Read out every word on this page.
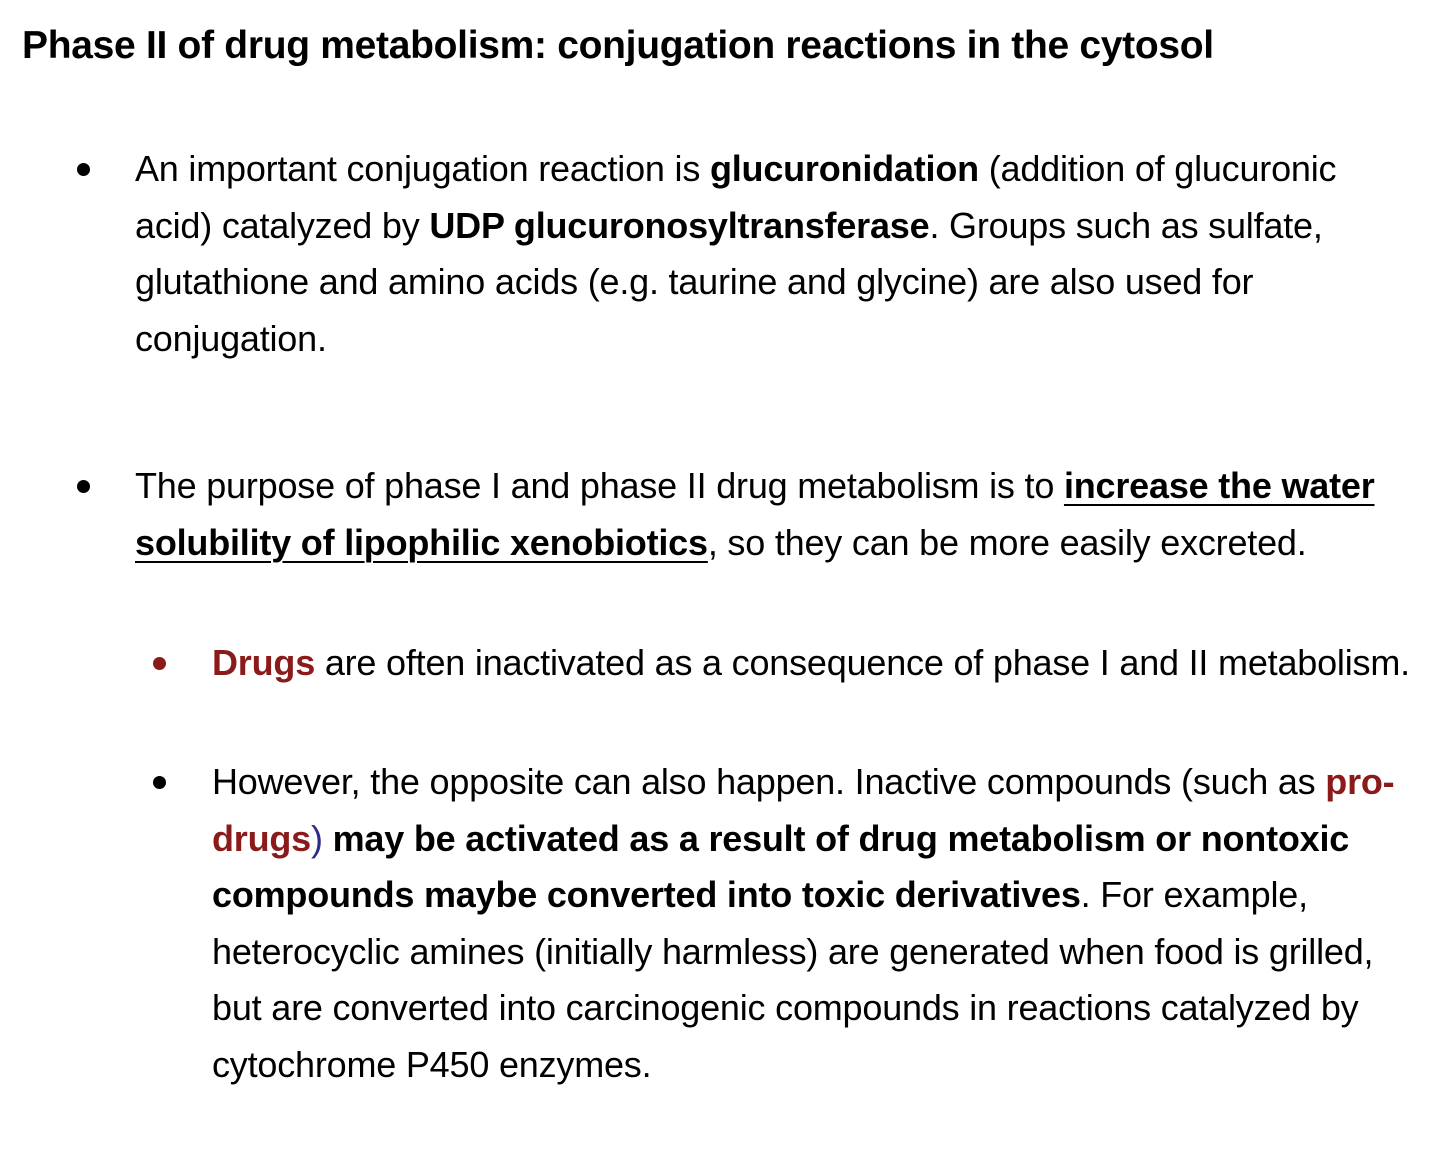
Phase II of drug metabolism: conjugation reactions in the cytosol

An important conjugation reaction is glucuronidation (addition of glucuronic acid) catalyzed by UDP glucuronosyltransferase. Groups such as sulfate, glutathione and amino acids (e.g. taurine and glycine) are also used for conjugation.

The purpose of phase I and phase II drug metabolism is to increase the water solubility of lipophilic xenobiotics, so they can be more easily excreted.

Drugs are often inactivated as a consequence of phase I and II metabolism.

However, the opposite can also happen. Inactive compounds (such as pro-drugs) may be activated as a result of drug metabolism or nontoxic compounds maybe converted into toxic derivatives. For example, heterocyclic amines (initially harmless) are generated when food is grilled, but are converted into carcinogenic compounds in reactions catalyzed by cytochrome P450 enzymes.
